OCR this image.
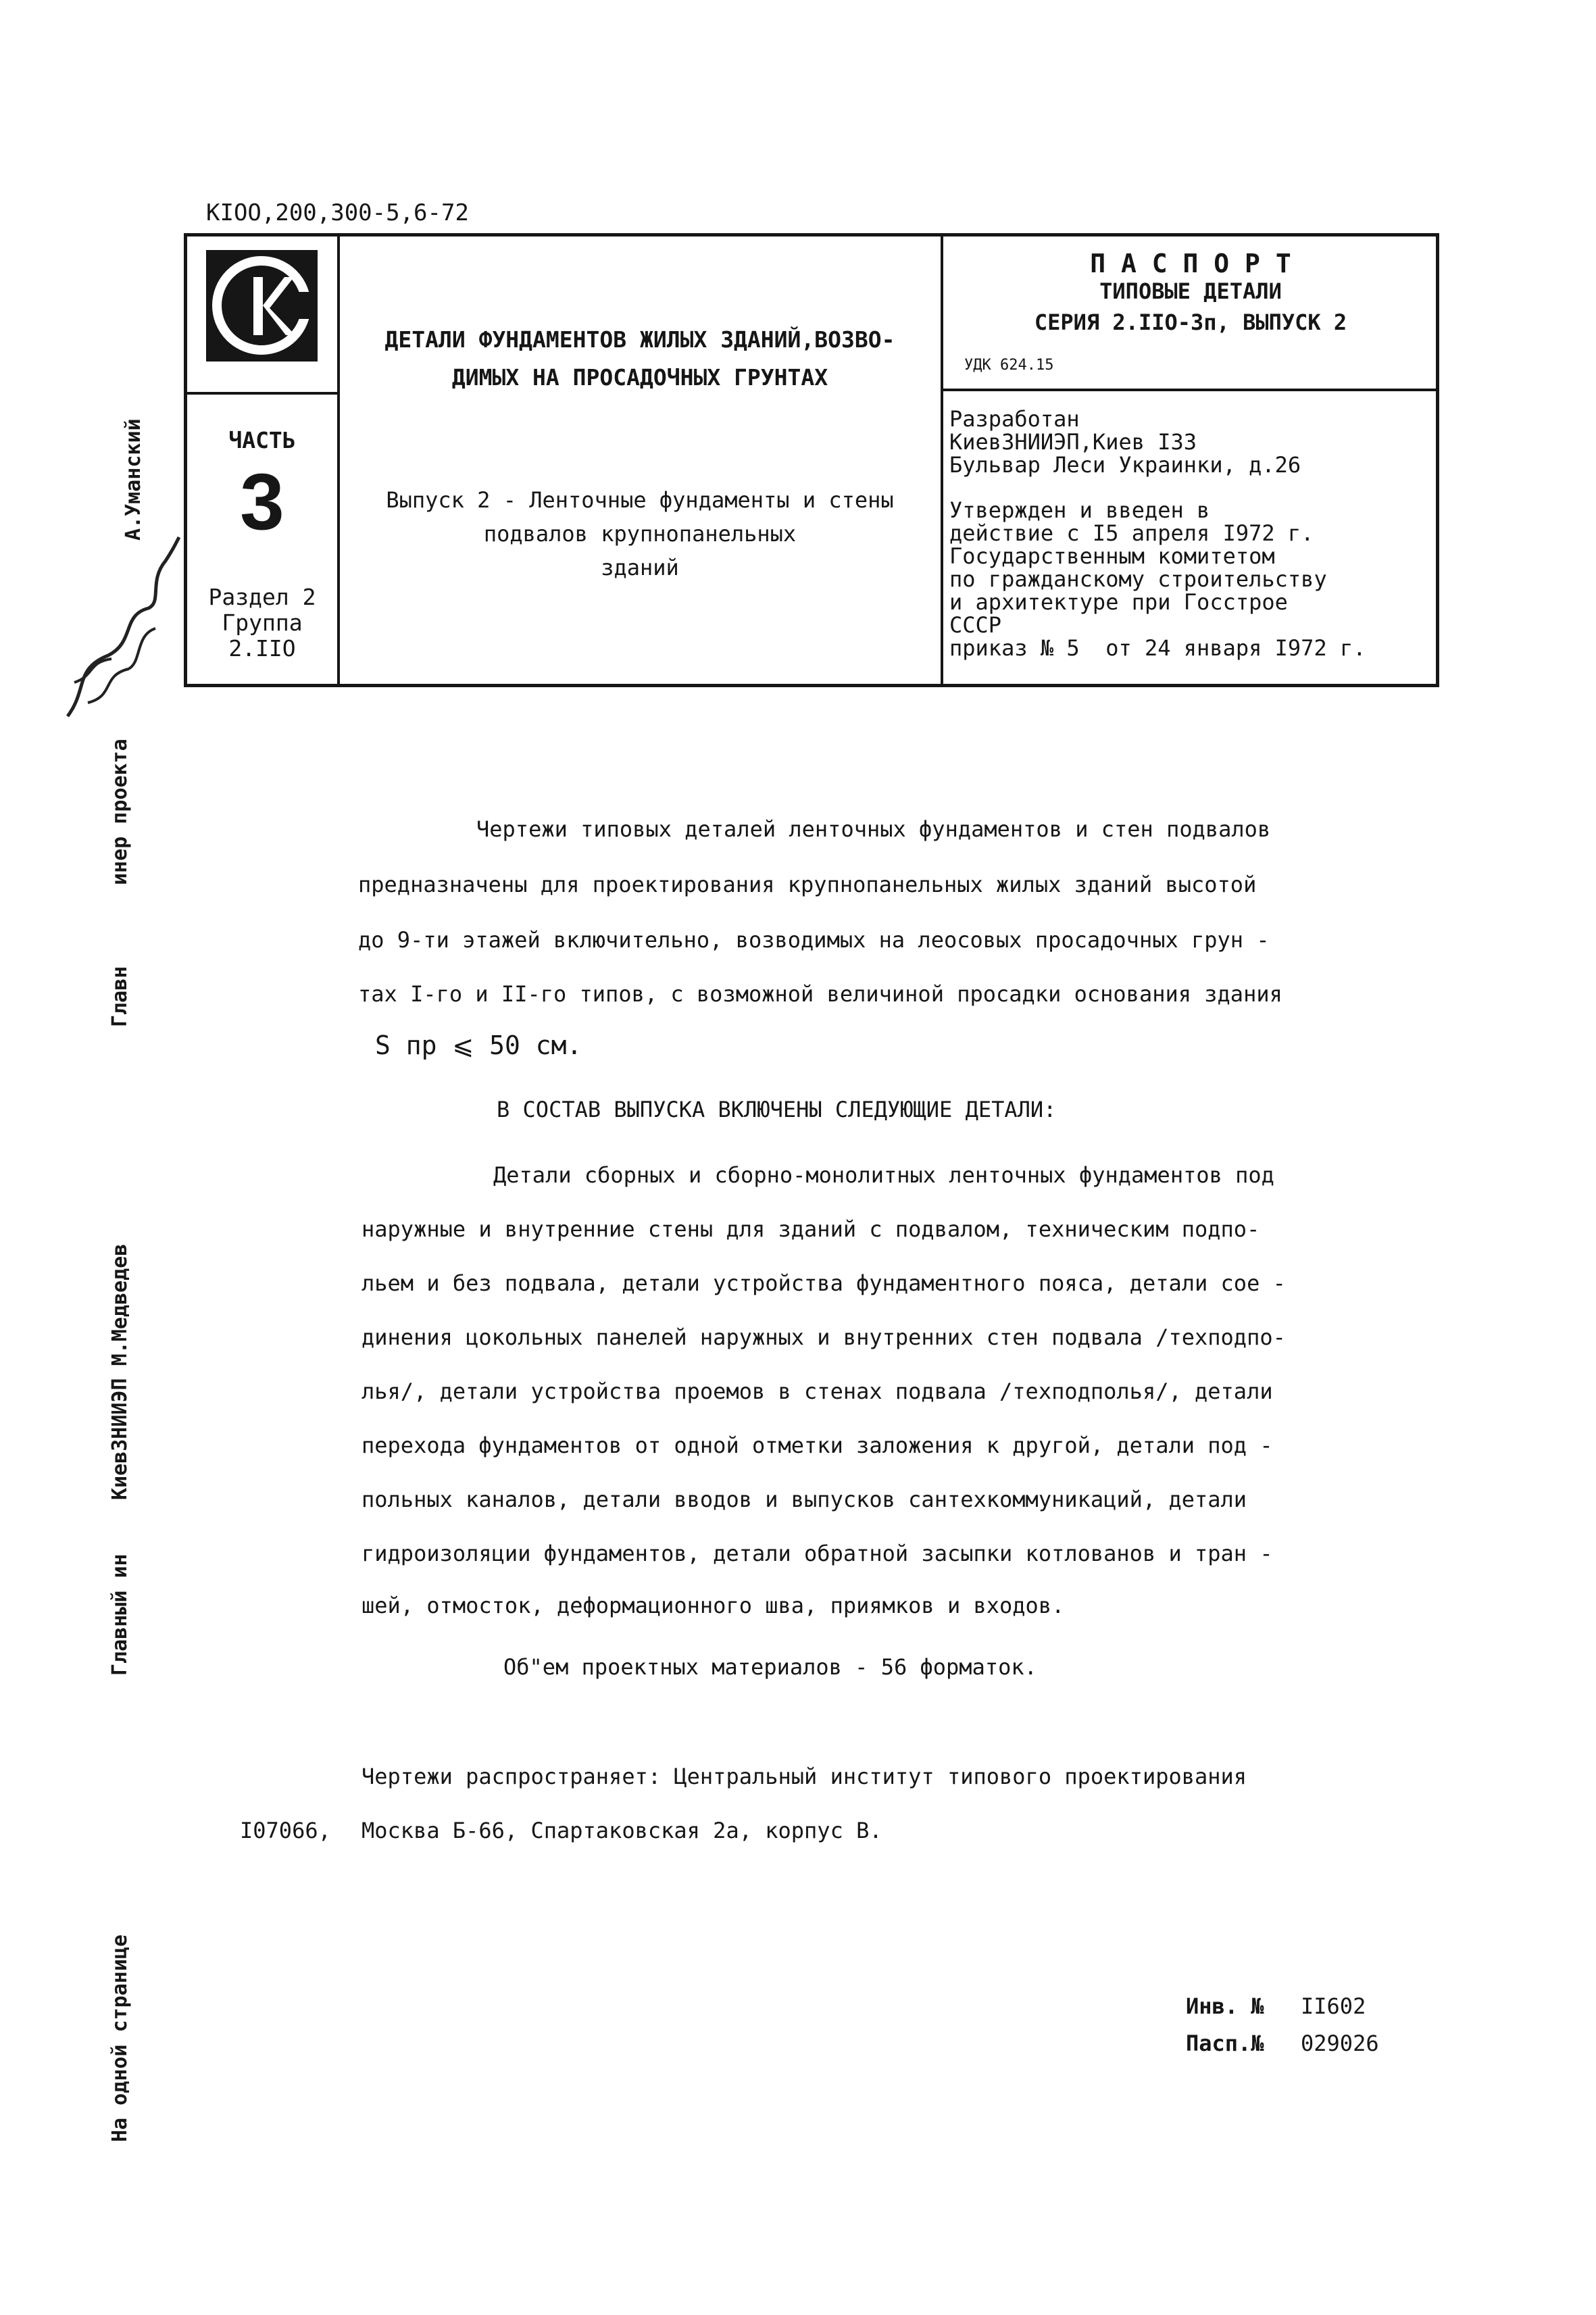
КIОО,200,300-5,6-72
ЧАСТЬ
3
Раздел 2
Группа
2.IIO
ДЕТАЛИ ФУНДАМЕНТОВ ЖИЛЫХ ЗДАНИЙ,ВОЗВО-
ДИМЫХ НА ПРОСАДОЧНЫХ ГРУНТАХ
Выпуск 2 - Ленточные фундаменты и стены
подвалов крупнопанельных
зданий
П А С П О Р Т
ТИПОВЫЕ ДЕТАЛИ
СЕРИЯ 2.IIO-3п, ВЫПУСК 2
УДК 624.15
Разработан
КиевЗНИИЭП,Киев I33
Бульвар Леси Украинки, д.26
Утвержден и введен в
действие с I5 апреля I972 г.
Государственным комитетом
по гражданскому строительству
и архитектуре при Госстрое
СССР
приказ № 5  от 24 января I972 г.
А.Уманский
инер проекта
Главн
КиевЗНИИЭП М.Медведев
Главный ин
На одной странице
Чертежи типовых деталей ленточных фундаментов и стен подвалов
предназначены для проектирования крупнопанельных жилых зданий высотой
до 9-ти этажей включительно, возводимых на леосовых просадочных грун -
тах I-го и II-го типов, с возможной величиной просадки основания здания
S пр ⩽ 50 см.
В СОСТАВ ВЫПУСКА ВКЛЮЧЕНЫ СЛЕДУЮЩИЕ ДЕТАЛИ:
Детали сборных и сборно-монолитных ленточных фундаментов под
наружные и внутренние стены для зданий с подвалом, техническим подпо-
льем и без подвала, детали устройства фундаментного пояса, детали сое -
динения цокольных панелей наружных и внутренних стен подвала /техподпо-
лья/, детали устройства проемов в стенах подвала /техподполья/, детали
перехода фундаментов от одной отметки заложения к другой, детали под -
польных каналов, детали вводов и выпусков сантехкоммуникаций, детали
гидроизоляции фундаментов, детали обратной засыпки котлованов и тран -
шей, отмосток, деформационного шва, приямков и входов.
Об"ем проектных материалов - 56 форматок.
Чертежи распространяет: Центральный институт типового проектирования
I07066, Москва Б-66, Спартаковская 2а, корпус В.
Инв. № II602
Пасп.№ 029026
